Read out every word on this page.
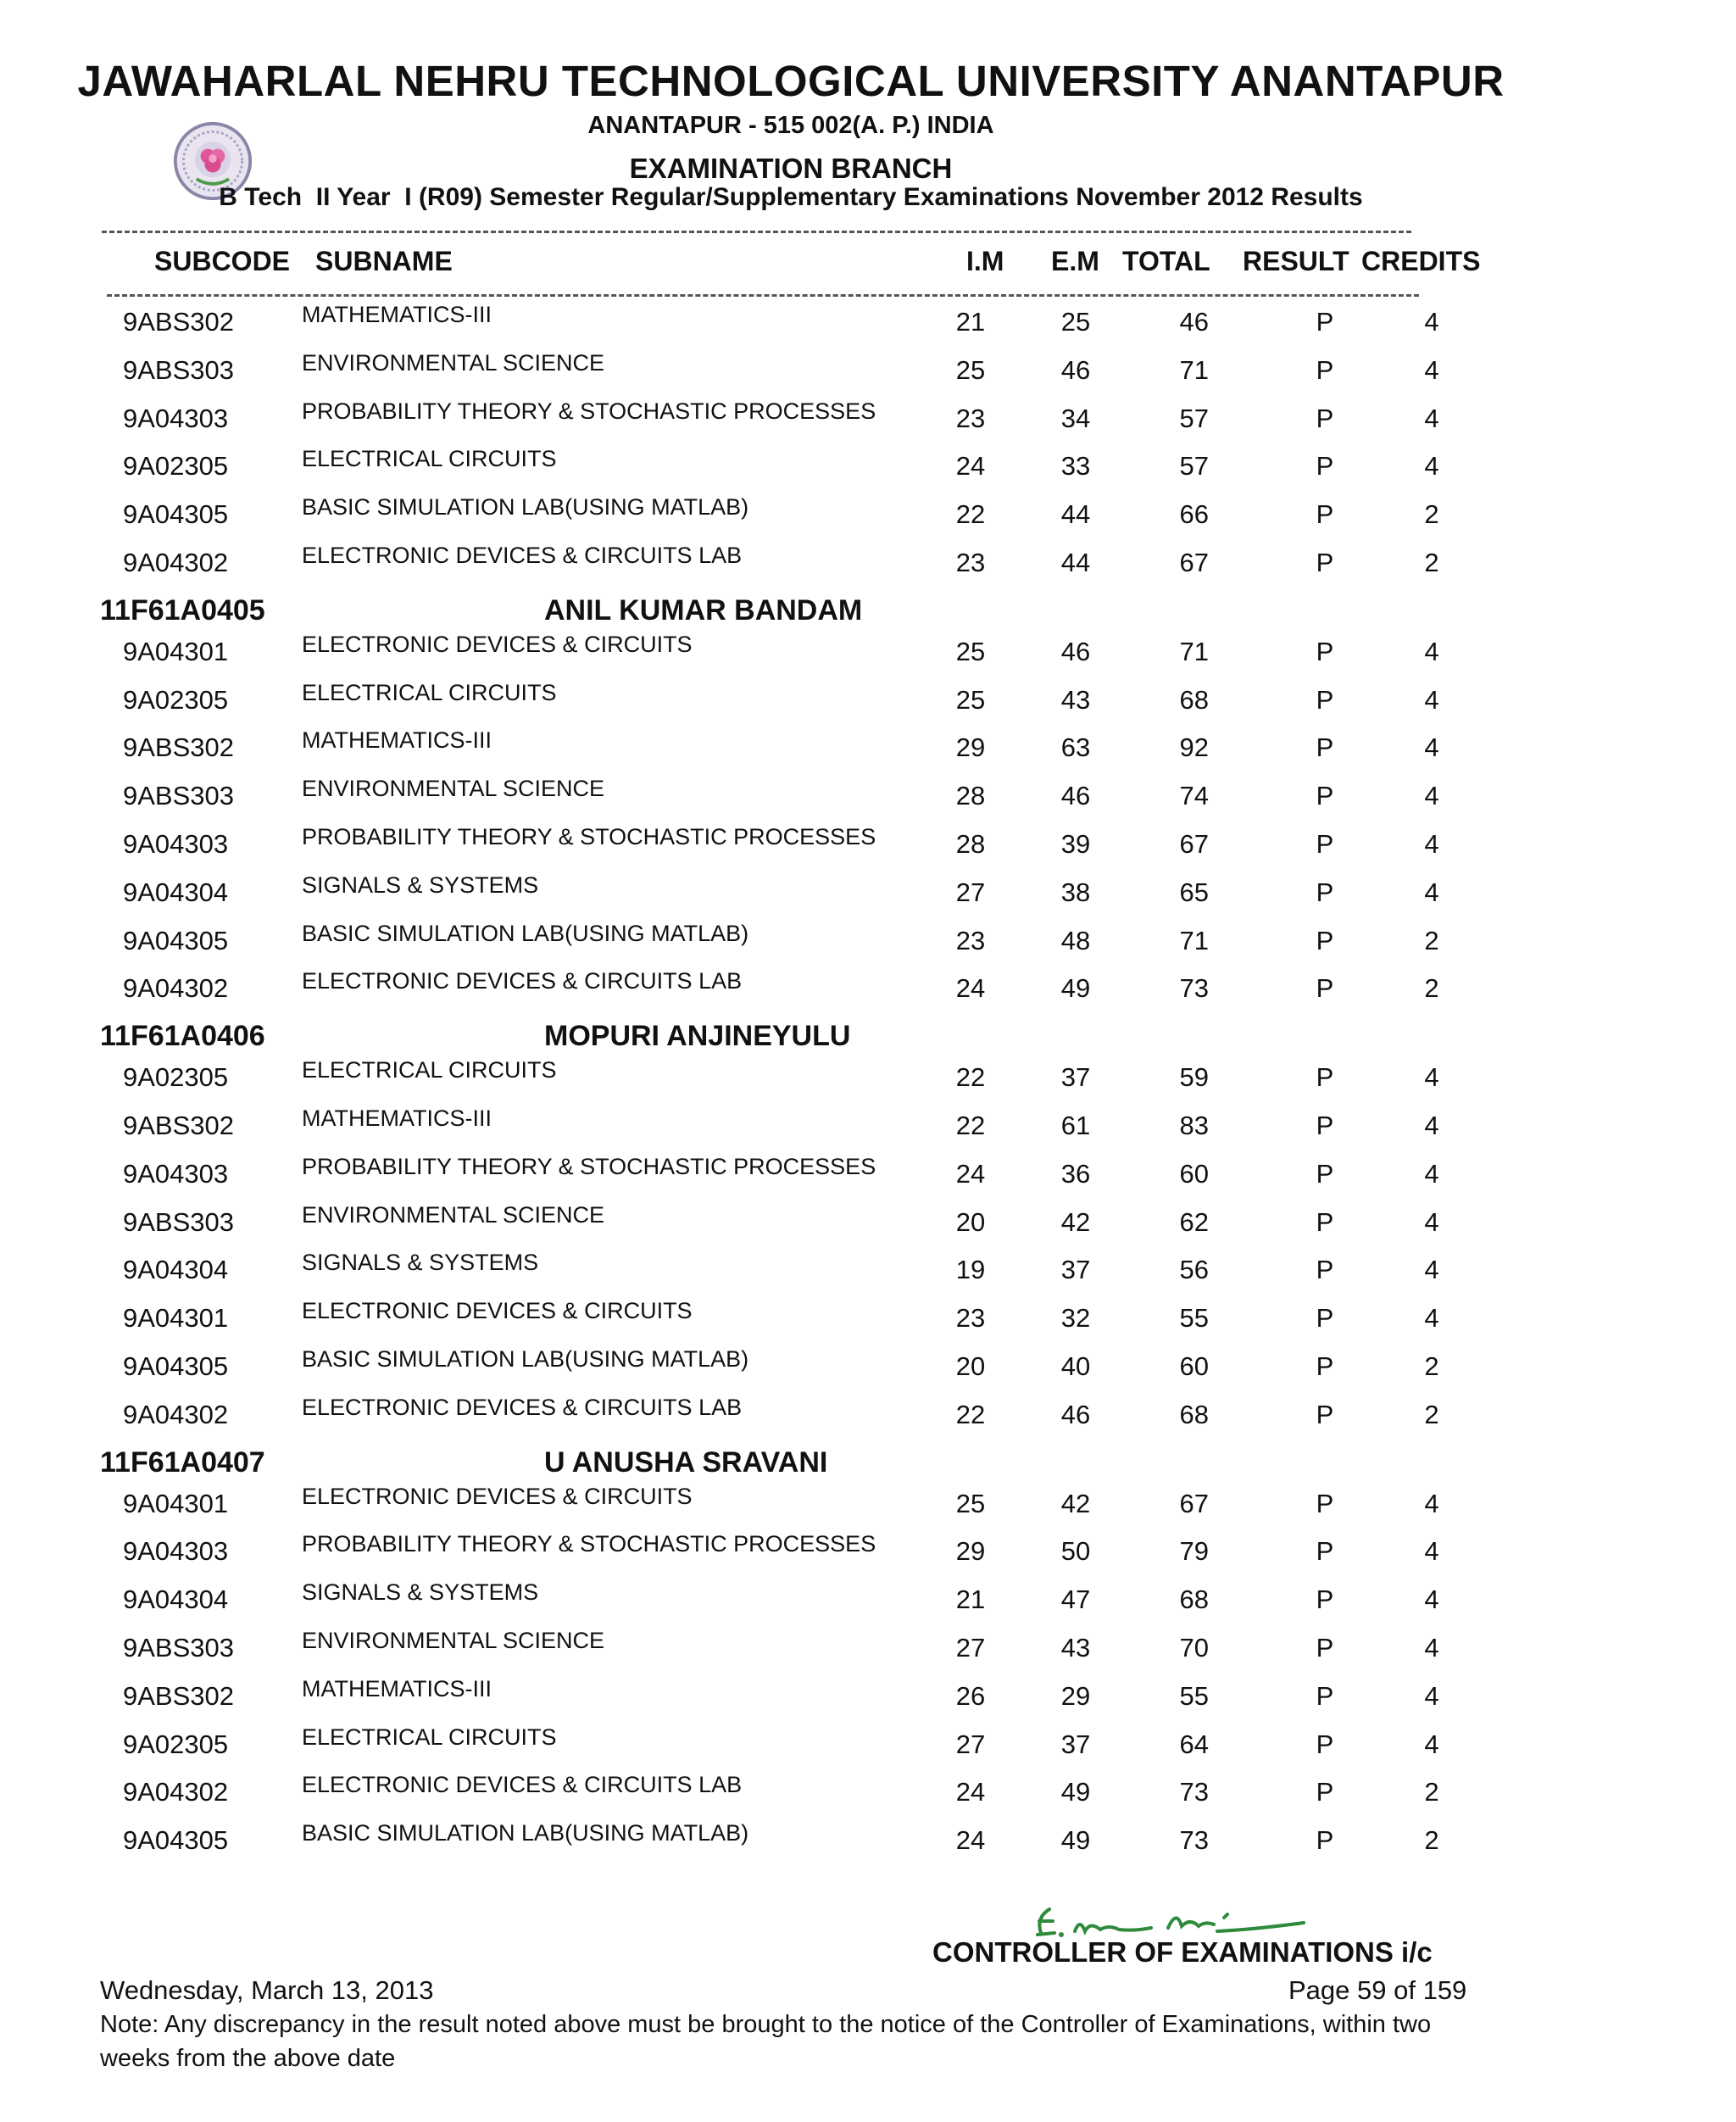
JAWAHARLAL NEHRU TECHNOLOGICAL UNIVERSITY ANANTAPUR
ANANTAPUR - 515 002(A. P.) INDIA
EXAMINATION BRANCH
B Tech  II Year  I (R09) Semester Regular/Supplementary Examinations November 2012 Results
SUBCODE SUBNAME	I.M E.M TOTAL RESULT CREDITS
9ABS302	MATHEMATICS-III	21	25	46	P	4
9ABS303	ENVIRONMENTAL SCIENCE	25	46	71	P	4
9A04303	PROBABILITY THEORY & STOCHASTIC PROCESSES	23	34	57	P	4
9A02305	ELECTRICAL CIRCUITS	24	33	57	P	4
9A04305	BASIC SIMULATION LAB(USING MATLAB)	22	44	66	P	2
9A04302	ELECTRONIC DEVICES & CIRCUITS LAB	23	44	67	P	2
11F61A0405	ANIL KUMAR BANDAM
9A04301	ELECTRONIC DEVICES & CIRCUITS	25	46	71	P	4
9A02305	ELECTRICAL CIRCUITS	25	43	68	P	4
9ABS302	MATHEMATICS-III	29	63	92	P	4
9ABS303	ENVIRONMENTAL SCIENCE	28	46	74	P	4
9A04303	PROBABILITY THEORY & STOCHASTIC PROCESSES	28	39	67	P	4
9A04304	SIGNALS & SYSTEMS	27	38	65	P	4
9A04305	BASIC SIMULATION LAB(USING MATLAB)	23	48	71	P	2
9A04302	ELECTRONIC DEVICES & CIRCUITS LAB	24	49	73	P	2
11F61A0406	MOPURI ANJINEYULU
9A02305	ELECTRICAL CIRCUITS	22	37	59	P	4
9ABS302	MATHEMATICS-III	22	61	83	P	4
9A04303	PROBABILITY THEORY & STOCHASTIC PROCESSES	24	36	60	P	4
9ABS303	ENVIRONMENTAL SCIENCE	20	42	62	P	4
9A04304	SIGNALS & SYSTEMS	19	37	56	P	4
9A04301	ELECTRONIC DEVICES & CIRCUITS	23	32	55	P	4
9A04305	BASIC SIMULATION LAB(USING MATLAB)	20	40	60	P	2
9A04302	ELECTRONIC DEVICES & CIRCUITS LAB	22	46	68	P	2
11F61A0407	U ANUSHA SRAVANI
9A04301	ELECTRONIC DEVICES & CIRCUITS	25	42	67	P	4
9A04303	PROBABILITY THEORY & STOCHASTIC PROCESSES	29	50	79	P	4
9A04304	SIGNALS & SYSTEMS	21	47	68	P	4
9ABS303	ENVIRONMENTAL SCIENCE	27	43	70	P	4
9ABS302	MATHEMATICS-III	26	29	55	P	4
9A02305	ELECTRICAL CIRCUITS	27	37	64	P	4
9A04302	ELECTRONIC DEVICES & CIRCUITS LAB	24	49	73	P	2
9A04305	BASIC SIMULATION LAB(USING MATLAB)	24	49	73	P	2
CONTROLLER OF EXAMINATIONS i/c
Wednesday, March 13, 2013	Page 59 of 159
Note: Any discrepancy in the result noted above must be brought to the notice of the Controller of Examinations, within two weeks from the above date
